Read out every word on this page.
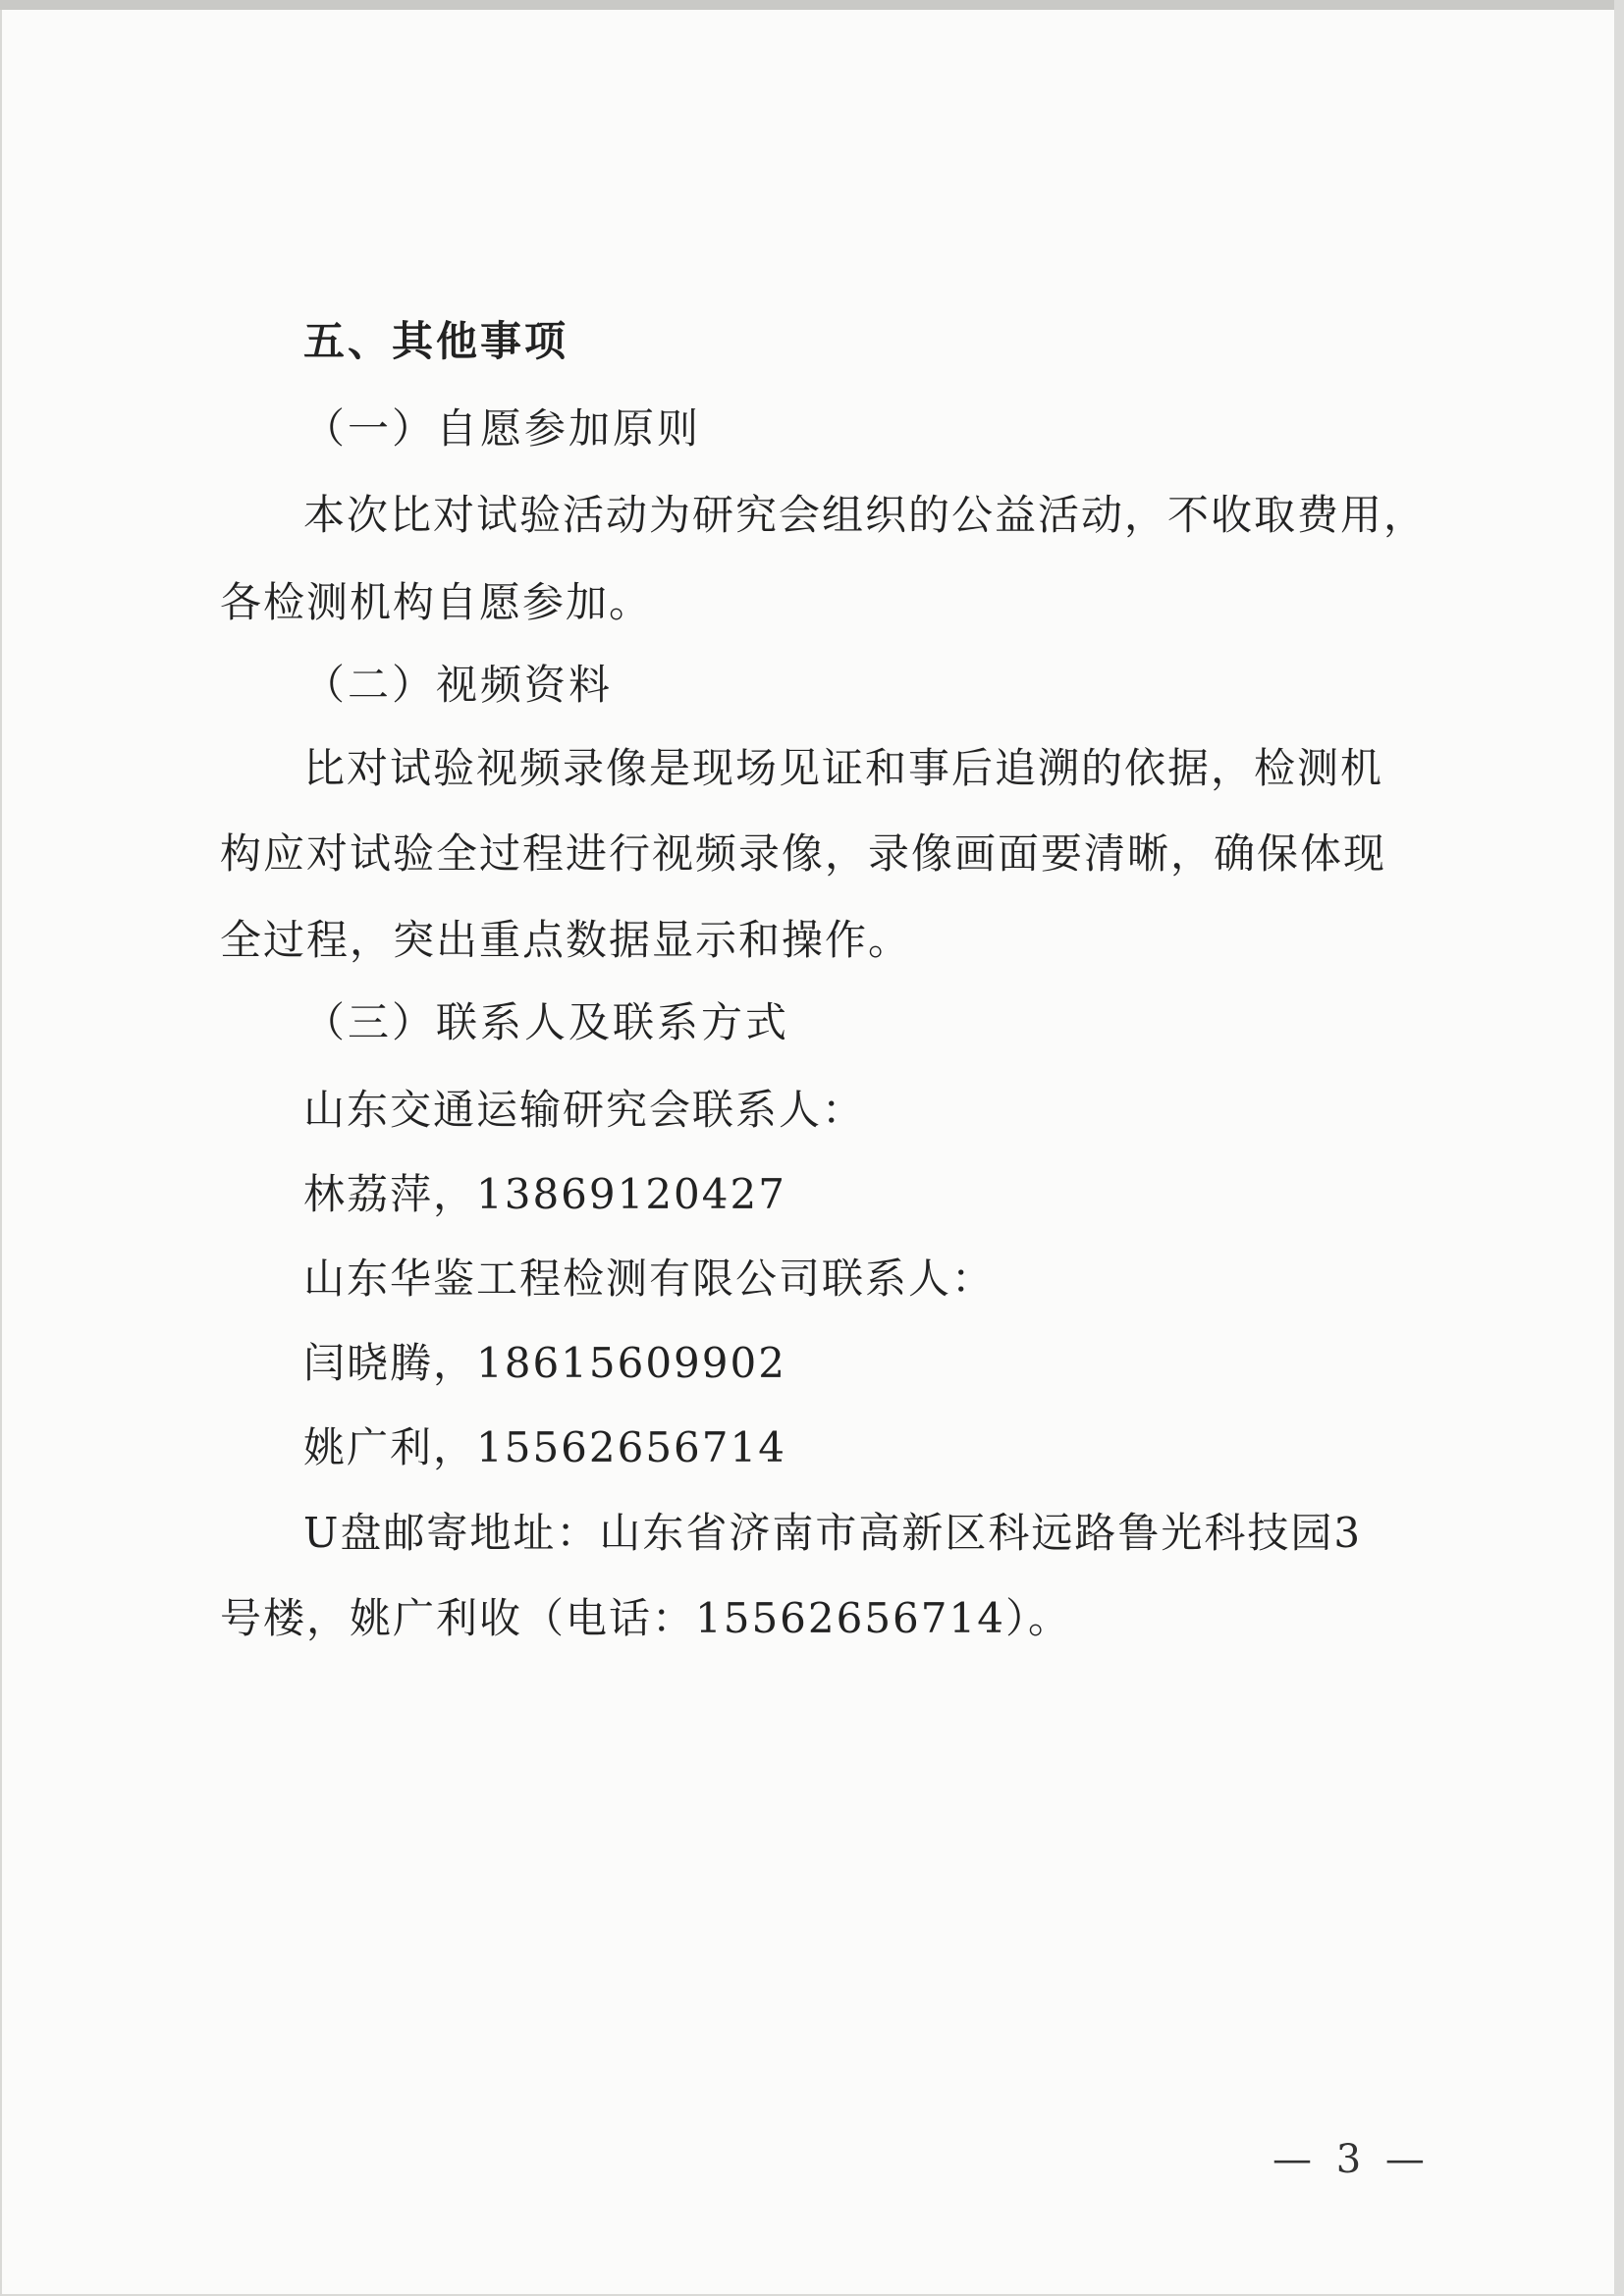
五、其他事项
（一）自愿参加原则
本次比对试验活动为研究会组织的公益活动，不收取费用，
各检测机构自愿参加。
（二）视频资料
比对试验视频录像是现场见证和事后追溯的依据，检测机
构应对试验全过程进行视频录像，录像画面要清晰，确保体现
全过程，突出重点数据显示和操作。
（三）联系人及联系方式
山东交通运输研究会联系人：
林荔萍，13869120427
山东华鉴工程检测有限公司联系人：
闫晓腾，18615609902
姚广利，15562656714
U盘邮寄地址：山东省济南市高新区科远路鲁光科技园3
号楼，姚广利收（电话：15562656714）。
— 3 —
